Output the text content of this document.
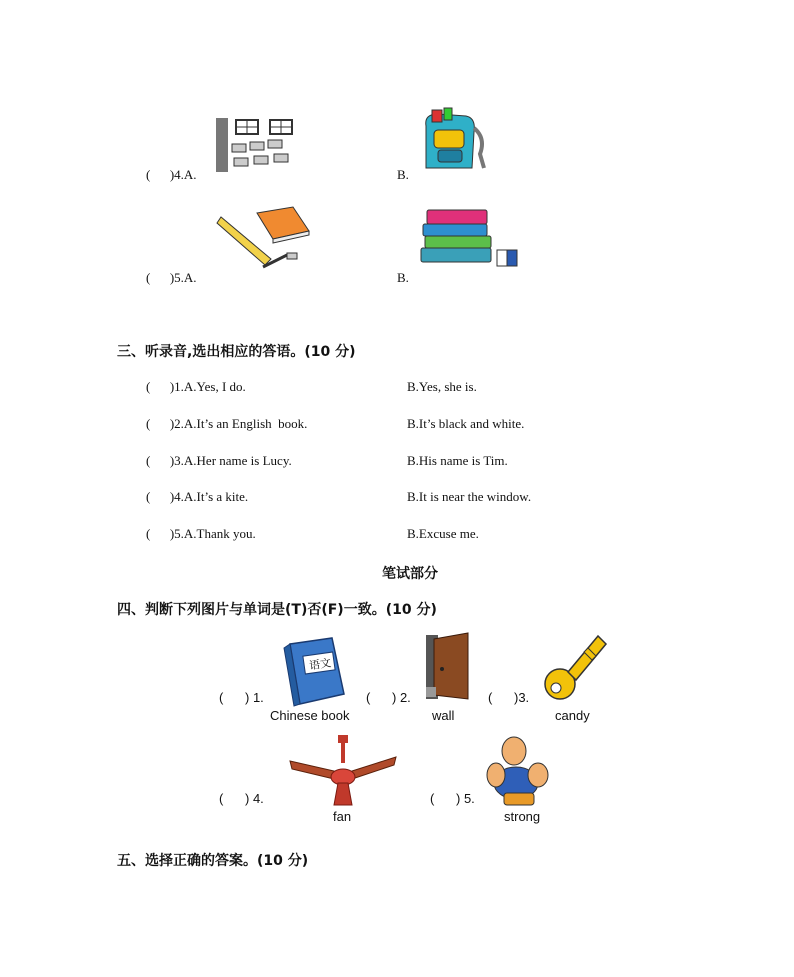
(      )4.A.	B.
(      )5.A.	B.
三、听录音,选出相应的答语。(10 分)
(      )1.A.Yes, I do.	B.Yes, she is.
(      )2.A.It’s an English  book.	B.It’s black and white.
(      )3.A.Her name is Lucy.	B.His name is Tim.
(      )4.A.It’s a kite.	B.It is near the window.
(      )5.A.Thank you.	B.Excuse me.
笔试部分
四、判断下列图片与单词是(T)否(F)一致。(10 分)
(      ) 1.
语文
Chinese book
(      ) 2.
wall
(      )3.
candy
(      ) 4.
fan
(      ) 5.
strong
五、选择正确的答案。(10 分)
